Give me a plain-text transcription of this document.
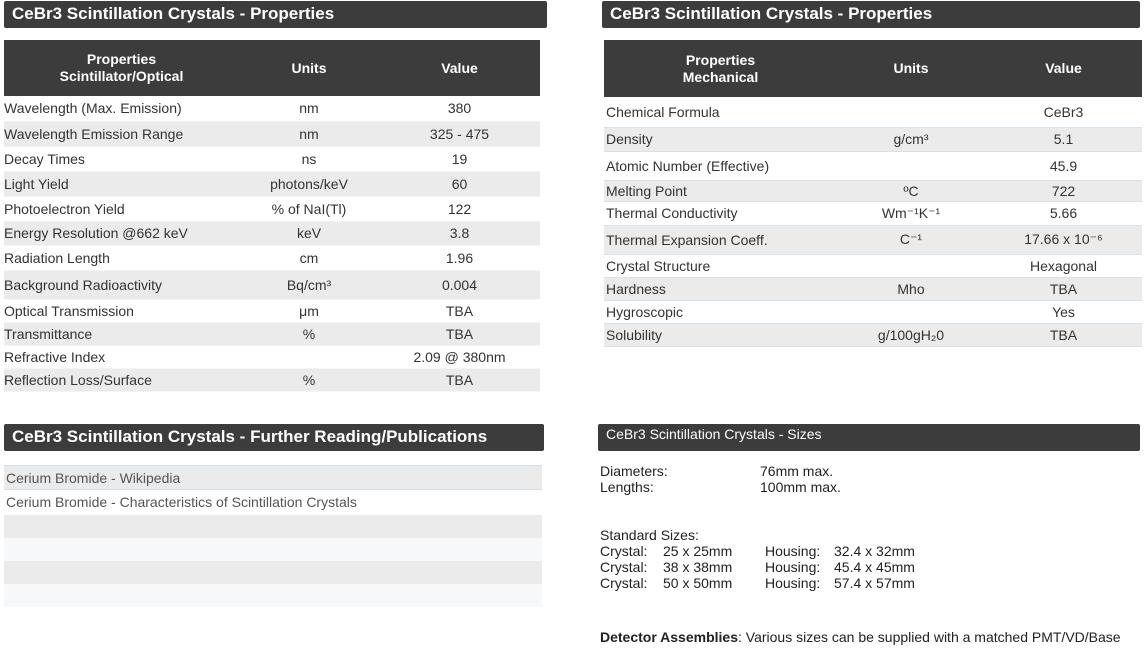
CeBr3 Scintillation Crystals - Properties
Properties
Scintillator/Optical	Units	Value
Wavelength (Max. Emission)	nm	380
Wavelength Emission Range	nm	325 - 475
Decay Times	ns	19
Light Yield	photons/keV	60
Photoelectron Yield	% of NaI(Tl)	122
Energy Resolution @662 keV	keV	3.8
Radiation Length	cm	1.96
Background Radioactivity	Bq/cm³	0.004
Optical Transmission	μm	TBA
Transmittance	%	TBA
Refractive Index		2.09 @ 380nm
Reflection Loss/Surface	%	TBA
CeBr3 Scintillation Crystals - Properties
Properties
Mechanical	Units	Value
Chemical Formula		CeBr3
Density	g/cm³	5.1
Atomic Number (Effective)		45.9
Melting Point	ºC	722
Thermal Conductivity	Wm⁻¹K⁻¹	5.66
Thermal Expansion Coeff.	C⁻¹	17.66 x 10⁻⁶
Crystal Structure		Hexagonal
Hardness	Mho	TBA
Hygroscopic		Yes
Solubility	g/100gH₂0	TBA
CeBr3 Scintillation Crystals - Further Reading/Publications
Cerium Bromide - Wikipedia
Cerium Bromide - Characteristics of Scintillation Crystals
CeBr3 Scintillation Crystals - Sizes
Diameters:	76mm max.
Lengths:	100mm max.
Standard Sizes:
Crystal: 25 x 25mm Housing: 32.4 x 32mm
Crystal: 38 x 38mm Housing: 45.4 x 45mm
Crystal: 50 x 50mm Housing: 57.4 x 57mm
Detector Assemblies: Various sizes can be supplied with a matched PMT/VD/Base
